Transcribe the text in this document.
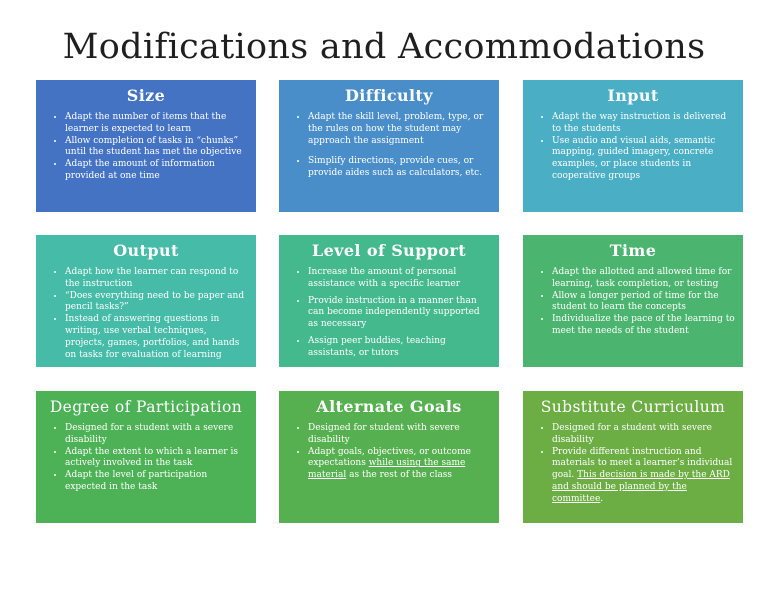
Modifications and Accommodations
Size
• Adapt the number of items that the learner is expected to learn
• Allow completion of tasks in “chunks” until the student has met the objective
• Adapt the amount of information provided at one time
Difficulty
• Adapt the skill level, problem, type, or the rules on how the student may approach the assignment
• Simplify directions, provide cues, or provide aides such as calculators, etc.
Input
• Adapt the way instruction is delivered to the students
• Use audio and visual aids, semantic mapping, guided imagery, concrete examples, or place students in cooperative groups
Output
• Adapt how the learner can respond to the instruction
• “Does everything need to be paper and pencil tasks?”
• Instead of answering questions in writing, use verbal techniques, projects, games, portfolios, and hands on tasks for evaluation of learning
Level of Support
• Increase the amount of personal assistance with a specific learner
• Provide instruction in a manner than can become independently supported as necessary
• Assign peer buddies, teaching assistants, or tutors
Time
• Adapt the allotted and allowed time for learning, task completion, or testing
• Allow a longer period of time for the student to learn the concepts
• Individualize the pace of the learning to meet the needs of the student
Degree of Participation
• Designed for a student with a severe disability
• Adapt the extent to which a learner is actively involved in the task
• Adapt the level of participation expected in the task
Alternate Goals
• Designed for student with severe disability
• Adapt goals, objectives, or outcome expectations while using the same material as the rest of the class
Substitute Curriculum
• Designed for a student with severe disability
• Provide different instruction and materials to meet a learner’s individual goal. This decision is made by the ARD and should be planned by the committee.
